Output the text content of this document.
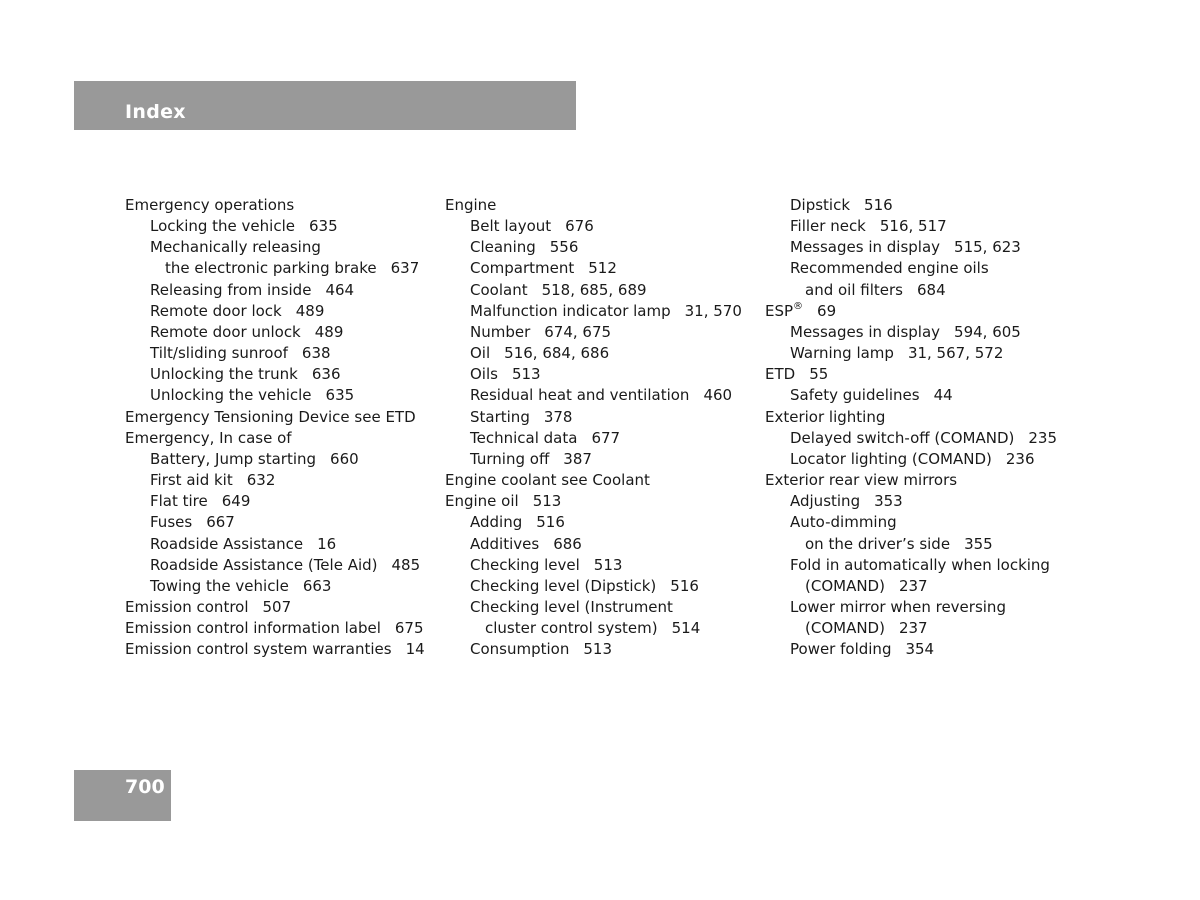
Index
Emergency operations
Locking the vehicle 635
Mechanically releasing
the electronic parking brake 637
Releasing from inside 464
Remote door lock 489
Remote door unlock 489
Tilt/sliding sunroof 638
Unlocking the trunk 636
Unlocking the vehicle 635
Emergency Tensioning Device see ETD
Emergency, In case of
Battery, Jump starting 660
First aid kit 632
Flat tire 649
Fuses 667
Roadside Assistance 16
Roadside Assistance (Tele Aid) 485
Towing the vehicle 663
Emission control 507
Emission control information label 675
Emission control system warranties 14
Engine
Belt layout 676
Cleaning 556
Compartment 512
Coolant 518, 685, 689
Malfunction indicator lamp 31, 570
Number 674, 675
Oil 516, 684, 686
Oils 513
Residual heat and ventilation 460
Starting 378
Technical data 677
Turning off 387
Engine coolant see Coolant
Engine oil 513
Adding 516
Additives 686
Checking level 513
Checking level (Dipstick) 516
Checking level (Instrument
cluster control system) 514
Consumption 513
Dipstick 516
Filler neck 516, 517
Messages in display 515, 623
Recommended engine oils
and oil filters 684
ESP® 69
Messages in display 594, 605
Warning lamp 31, 567, 572
ETD 55
Safety guidelines 44
Exterior lighting
Delayed switch-off (COMAND) 235
Locator lighting (COMAND) 236
Exterior rear view mirrors
Adjusting 353
Auto-dimming
on the driver’s side 355
Fold in automatically when locking
(COMAND) 237
Lower mirror when reversing
(COMAND) 237
Power folding 354
700
